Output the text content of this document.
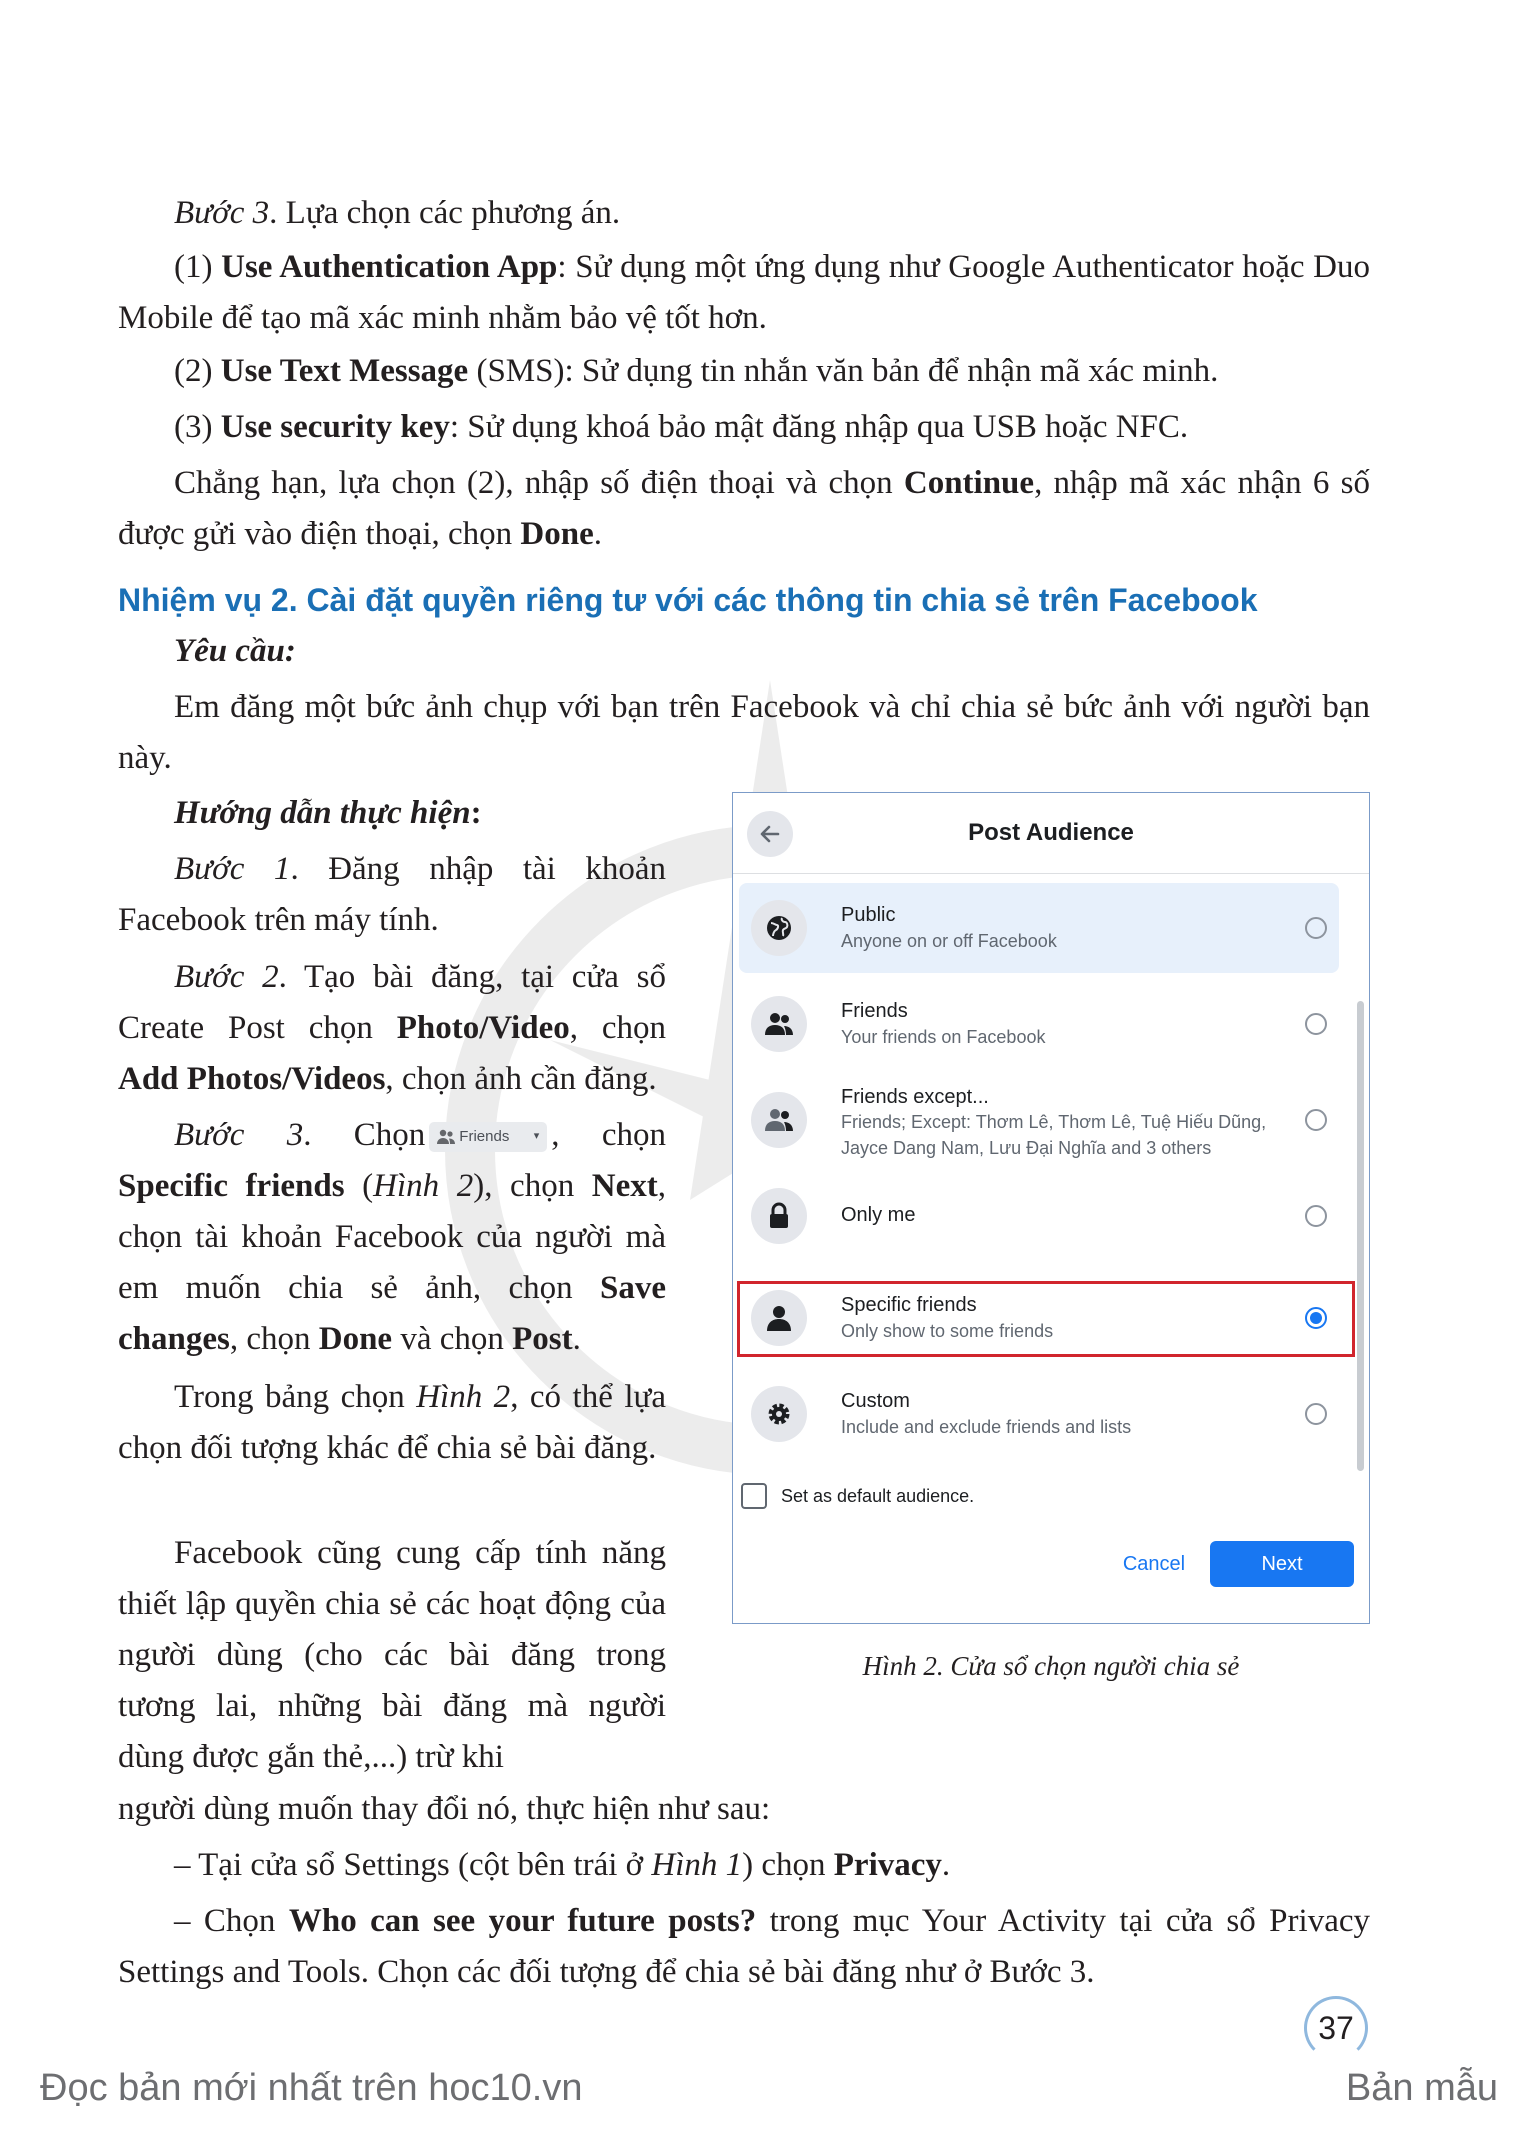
Bước 3. Lựa chọn các phương án.

(1) Use Authentication App: Sử dụng một ứng dụng như Google Authenticator hoặc Duo Mobile để tạo mã xác minh nhằm bảo vệ tốt hơn.

(2) Use Text Message (SMS): Sử dụng tin nhắn văn bản để nhận mã xác minh.

(3) Use security key: Sử dụng khoá bảo mật đăng nhập qua USB hoặc NFC.

Chẳng hạn, lựa chọn (2), nhập số điện thoại và chọn Continue, nhập mã xác nhận 6 số được gửi vào điện thoại, chọn Done.

Nhiệm vụ 2. Cài đặt quyền riêng tư với các thông tin chia sẻ trên Facebook

Yêu cầu:

Em đăng một bức ảnh chụp với bạn trên Facebook và chỉ chia sẻ bức ảnh với người bạn này.

Hướng dẫn thực hiện:

Bước 1. Đăng nhập tài khoản Facebook trên máy tính.

Bước 2. Tạo bài đăng, tại cửa sổ Create Post chọn Photo/Video, chọn Add Photos/Videos, chọn ảnh cần đăng.

Bước 3. Chọn Friends ▾ , chọn Specific friends (Hình 2), chọn Next, chọn tài khoản Facebook của người mà em muốn chia sẻ ảnh, chọn Save changes, chọn Done và chọn Post.

Trong bảng chọn Hình 2, có thể lựa chọn đối tượng khác để chia sẻ bài đăng.

Facebook cũng cung cấp tính năng thiết lập quyền chia sẻ các hoạt động của người dùng (cho các bài đăng trong tương lai, những bài đăng mà người dùng được gắn thẻ,...) trừ khi

người dùng muốn thay đổi nó, thực hiện như sau:

– Tại cửa sổ Settings (cột bên trái ở Hình 1) chọn Privacy.

– Chọn Who can see your future posts? trong mục Your Activity tại cửa sổ Privacy Settings and Tools. Chọn các đối tượng để chia sẻ bài đăng như ở Bước 3.

Post Audience
Public
Anyone on or off Facebook
Friends
Your friends on Facebook
Friends except...
Friends; Except: Thơm Lê, Thơm Lê, Tuệ Hiếu Dũng, Jayce Dang Nam, Lưu Đại Nghĩa and 3 others
Only me
Specific friends
Only show to some friends
Custom
Include and exclude friends and lists
Set as default audience.
Cancel	Next

Hình 2. Cửa sổ chọn người chia sẻ

37

Đọc bản mới nhất trên hoc10.vn	Bản mẫu
